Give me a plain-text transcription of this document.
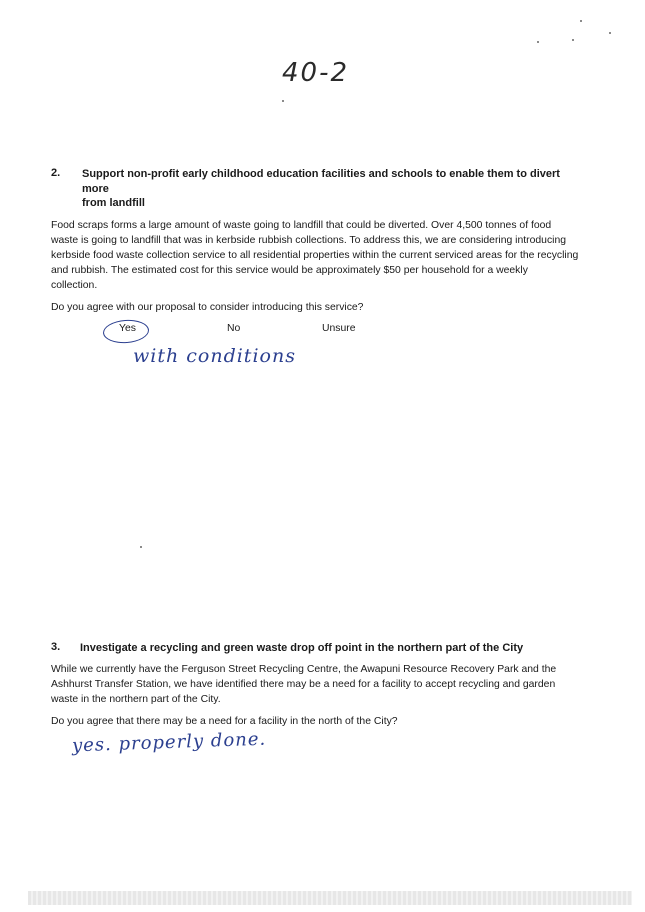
40-2
2. Support non-profit early childhood education facilities and schools to enable them to divert
more
from landfill
Food scraps forms a large amount of waste going to landfill that could be diverted. Over 4,500 tonnes of food
waste is going to landfill that was in kerbside rubbish collections. To address this, we are considering introducing
kerbside food waste collection service to all residential properties within the current serviced areas for the recycling
and rubbish. The estimated cost for this service would be approximately $50 per household for a weekly
collection.
Do you agree with our proposal to consider introducing this service?
Yes	No	Unsure
with conditions
3. Investigate a recycling and green waste drop off point in the northern part of the City
While we currently have the Ferguson Street Recycling Centre, the Awapuni Resource Recovery Park and the
Ashhurst Transfer Station, we have identified there may be a need for a facility to accept recycling and garden
waste in the northern part of the City.
Do you agree that there may be a need for a facility in the north of the City?
yes. properly done.
